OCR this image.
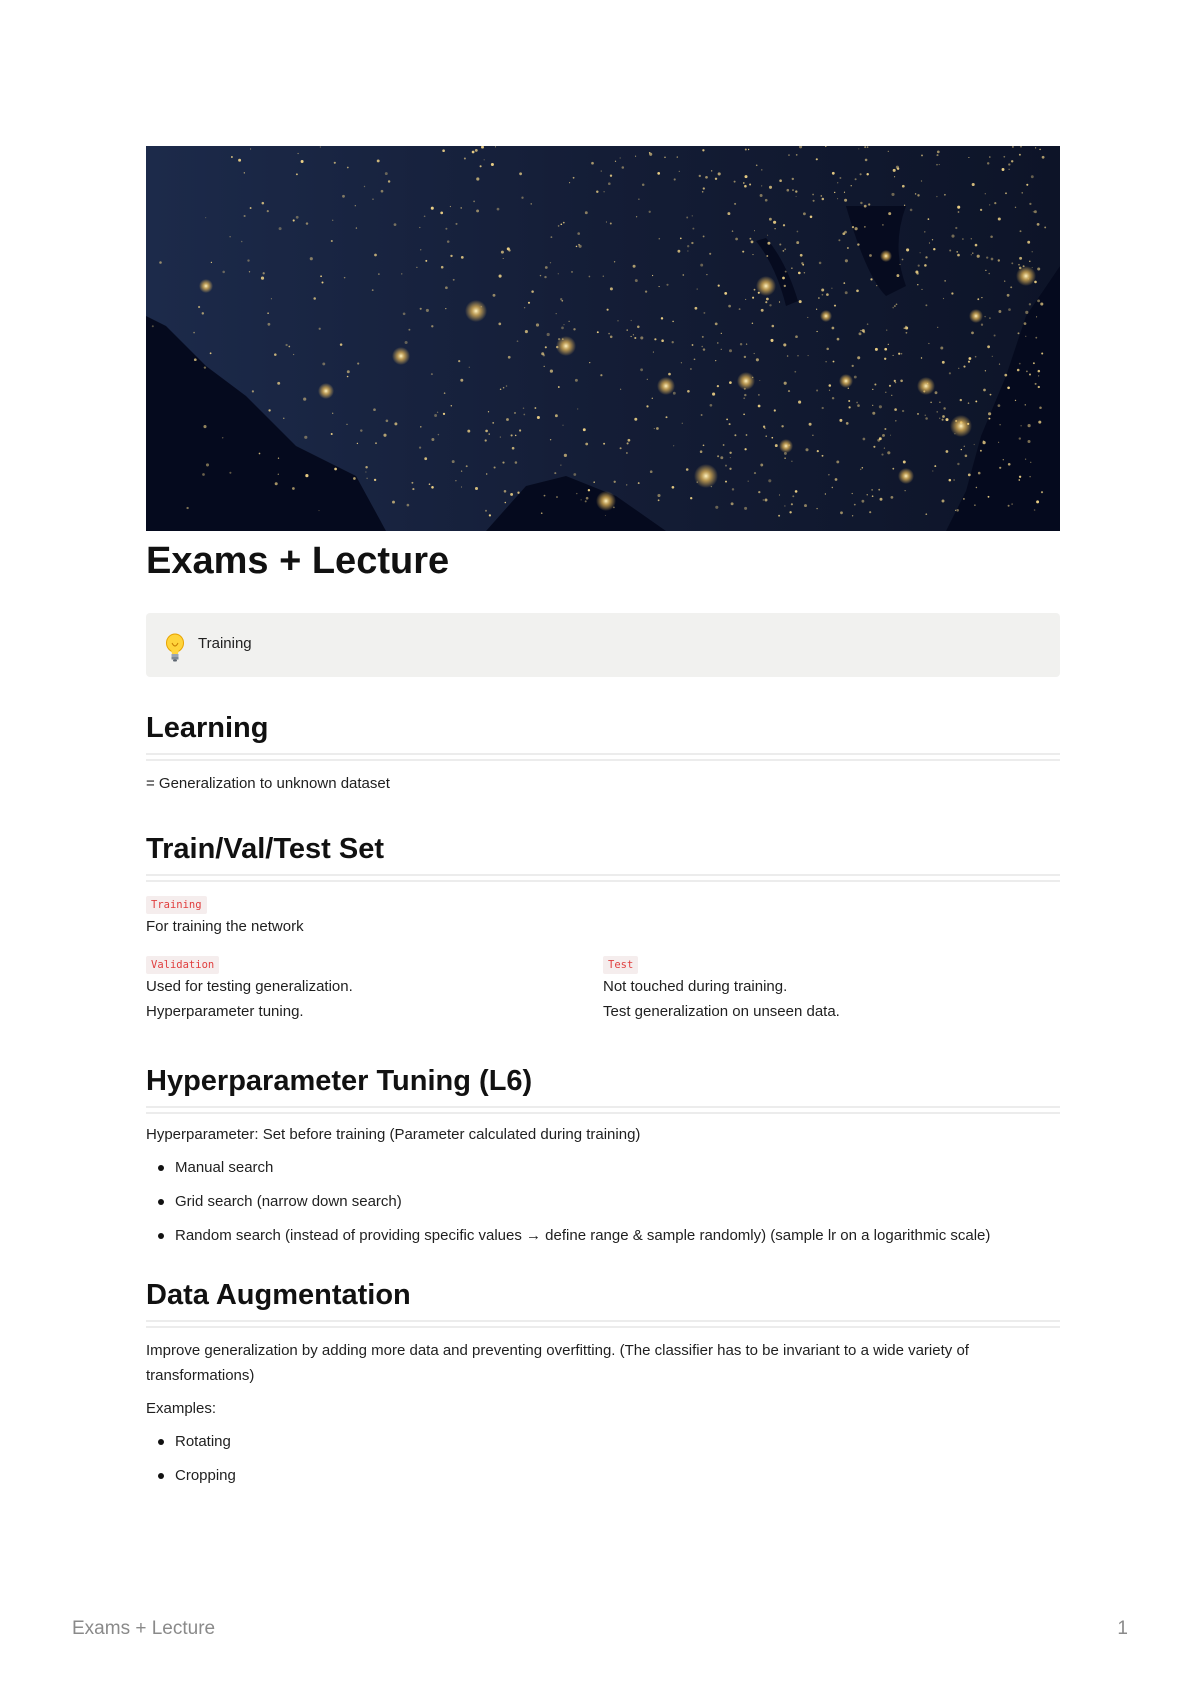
Exams + Lecture
Training
Learning
= Generalization to unknown dataset
Train/Val/Test Set
Training
For training the network
Validation
Used for testing generalization.
Hyperparameter tuning.
Test
Not touched during training.
Test generalization on unseen data.
Hyperparameter Tuning (L6)
Hyperparameter: Set before training (Parameter calculated during training)
Manual search
Grid search (narrow down search)
Random search (instead of providing specific values → define range & sample randomly) (sample lr on a logarithmic scale)
Data Augmentation
Improve generalization by adding more data and preventing overfitting. (The classifier has to be invariant to a wide variety of transformations)
Examples:
Rotating
Cropping
Exams + Lecture	1
